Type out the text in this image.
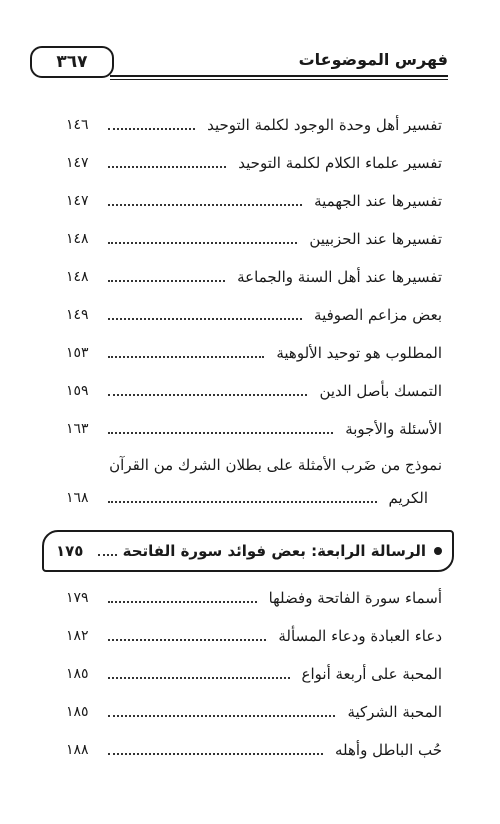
٣٦٧	فهرس الموضوعات
تفسير أهل وحدة الوجود لكلمة التوحيد
١٤٦
تفسير علماء الكلام لكلمة التوحيد
١٤٧
تفسيرها عند الجهمية
١٤٧
تفسيرها عند الحزبيين
١٤٨
تفسيرها عند أهل السنة والجماعة
١٤٨
بعض مزاعم الصوفية
١٤٩
المطلوب هو توحيد الألوهية
١٥٣
التمسك بأصل الدين
١٥٩
الأسئلة والأجوبة
١٦٣
نموذج من ضَرب الأمثلة على بطلان الشرك من القرآن
الكريم
١٦٨
الرسالة الرابعة: بعض فوائد سورة الفاتحة
١٧٥
أسماء سورة الفاتحة وفضلها
١٧٩
دعاء العبادة ودعاء المسألة
١٨٢
المحبة على أربعة أنواع
١٨٥
المحبة الشركية
١٨٥
حُب الباطل وأهله
١٨٨
